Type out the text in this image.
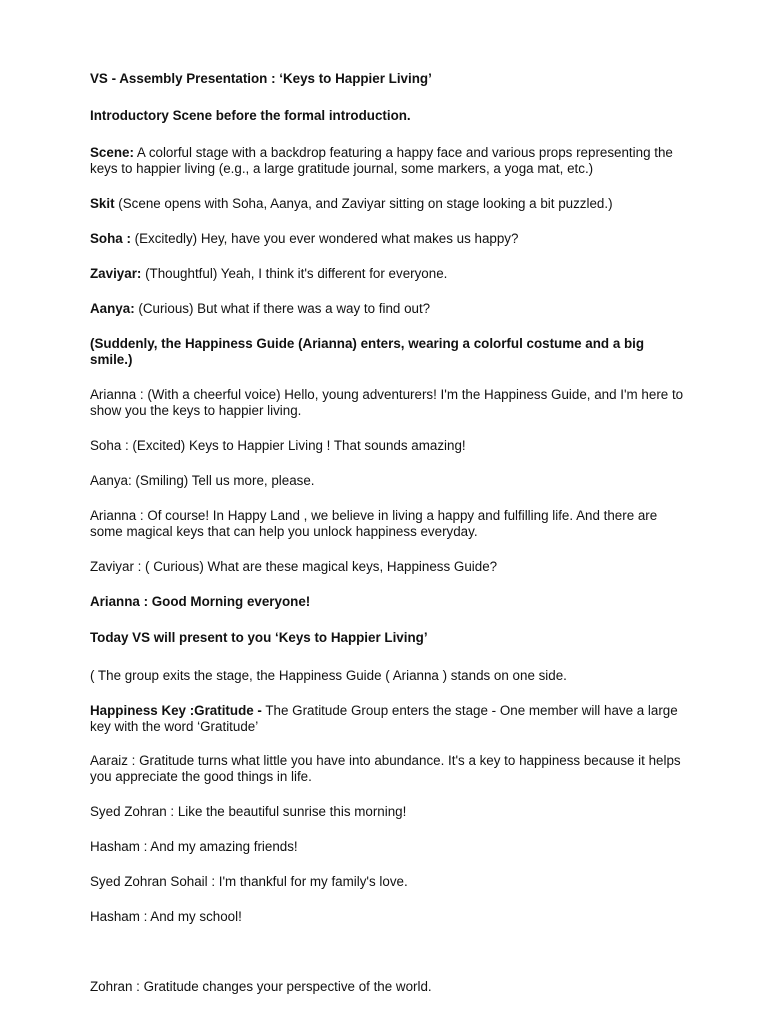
VS - Assembly Presentation : ‘Keys to Happier Living’

Introductory Scene before the formal introduction.

Scene: A colorful stage with a backdrop featuring a happy face and various props representing the keys to happier living (e.g., a large gratitude journal, some markers, a yoga mat, etc.)

Skit (Scene opens with Soha, Aanya, and Zaviyar sitting on stage looking a bit puzzled.)

Soha : (Excitedly) Hey, have you ever wondered what makes us happy?

Zaviyar: (Thoughtful) Yeah, I think it's different for everyone.

Aanya: (Curious) But what if there was a way to find out?

(Suddenly, the Happiness Guide (Arianna) enters, wearing a colorful costume and a big smile.)

Arianna : (With a cheerful voice) Hello, young adventurers! I'm the Happiness Guide, and I'm here to show you the keys to happier living.

Soha : (Excited) Keys to Happier Living ! That sounds amazing!

Aanya: (Smiling) Tell us more, please.

Arianna : Of course! In Happy Land , we believe in living a happy and fulfilling life. And there are some magical keys that can help you unlock happiness everyday.

Zaviyar : ( Curious) What are these magical keys, Happiness Guide?

Arianna : Good Morning everyone!

Today VS will present to you ‘Keys to Happier Living’

( The group exits the stage, the Happiness Guide ( Arianna ) stands on one side.

Happiness Key :Gratitude - The Gratitude Group enters the stage - One member will have a large key with the word ‘Gratitude’

Aaraiz : Gratitude turns what little you have into abundance. It's a key to happiness because it helps you appreciate the good things in life.

Syed Zohran : Like the beautiful sunrise this morning!

Hasham : And my amazing friends!

Syed Zohran Sohail : I'm thankful for my family's love.

Hasham : And my school!

Zohran : Gratitude changes your perspective of the world.
